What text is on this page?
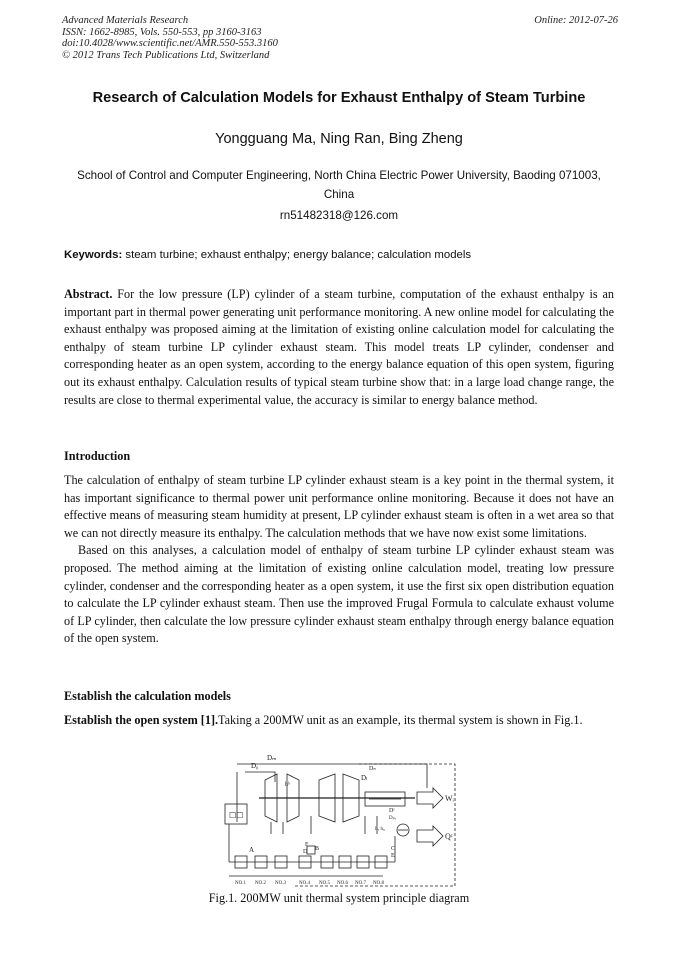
Advanced Materials Research
ISSN: 1662-8985, Vols. 550-553, pp 3160-3163
doi:10.4028/www.scientific.net/AMR.550-553.3160
© 2012 Trans Tech Publications Ltd, Switzerland
Online: 2012-07-26
Research of Calculation Models for Exhaust Enthalpy of Steam Turbine
Yongguang Ma, Ning Ran, Bing Zheng
School of Control and Computer Engineering, North China Electric Power University, Baoding 071003, China
rn51482318@126.com
Keywords: steam turbine; exhaust enthalpy; energy balance; calculation models

Abstract. For the low pressure (LP) cylinder of a steam turbine, computation of the exhaust enthalpy is an important part in thermal power generating unit performance monitoring. A new online model for calculating the exhaust enthalpy was proposed aiming at the limitation of existing online calculation model for calculating the enthalpy of steam turbine LP cylinder exhaust steam. This model treats LP cylinder, condenser and corresponding heater as an open system, according to the energy balance equation of this open system, figuring out its exhaust enthalpy. Calculation results of typical steam turbine show that: in a large load change range, the results are close to thermal experimental value, the accuracy is similar to energy balance method.

Introduction

The calculation of enthalpy of steam turbine LP cylinder exhaust steam is a key point in the thermal system, it has important significance to thermal power unit performance online monitoring. Because it does not have an effective means of measuring steam humidity at present, LP cylinder exhaust steam is often in a wet area so that we can not directly measure its enthalpy. The calculation methods that we have now exist some limitations.

Based on this analyses, a calculation model of enthalpy of steam turbine LP cylinder exhaust steam was proposed. The method aiming at the limitation of existing online calculation model, treating low pressure cylinder, condenser and the corresponding heater as a open system, it use the first six open distribution equation to calculate the LP cylinder exhaust steam. Then use the improved Frugal Formula to calculate exhaust volume of LP cylinder, then calculate the low pressure cylinder exhaust steam enthalpy through energy balance equation of the open system.

Establish the calculation models

Establish the open system [1].Taking a 200MW unit as an example, its thermal system is shown in Fig.1.

☐☐
Dₘ
D₀
hᵇ
Dₗ
Dₙ
Dᶜ
Dₚₒ
h₇ h₈
Wᵢ
Qᶜ
A	B
F
D	C
E
NO.1 NO.2 NO.3	NO.4 NO.5 NO.6 NO.7 NO.8
Fig.1. 200MW unit thermal system principle diagram
